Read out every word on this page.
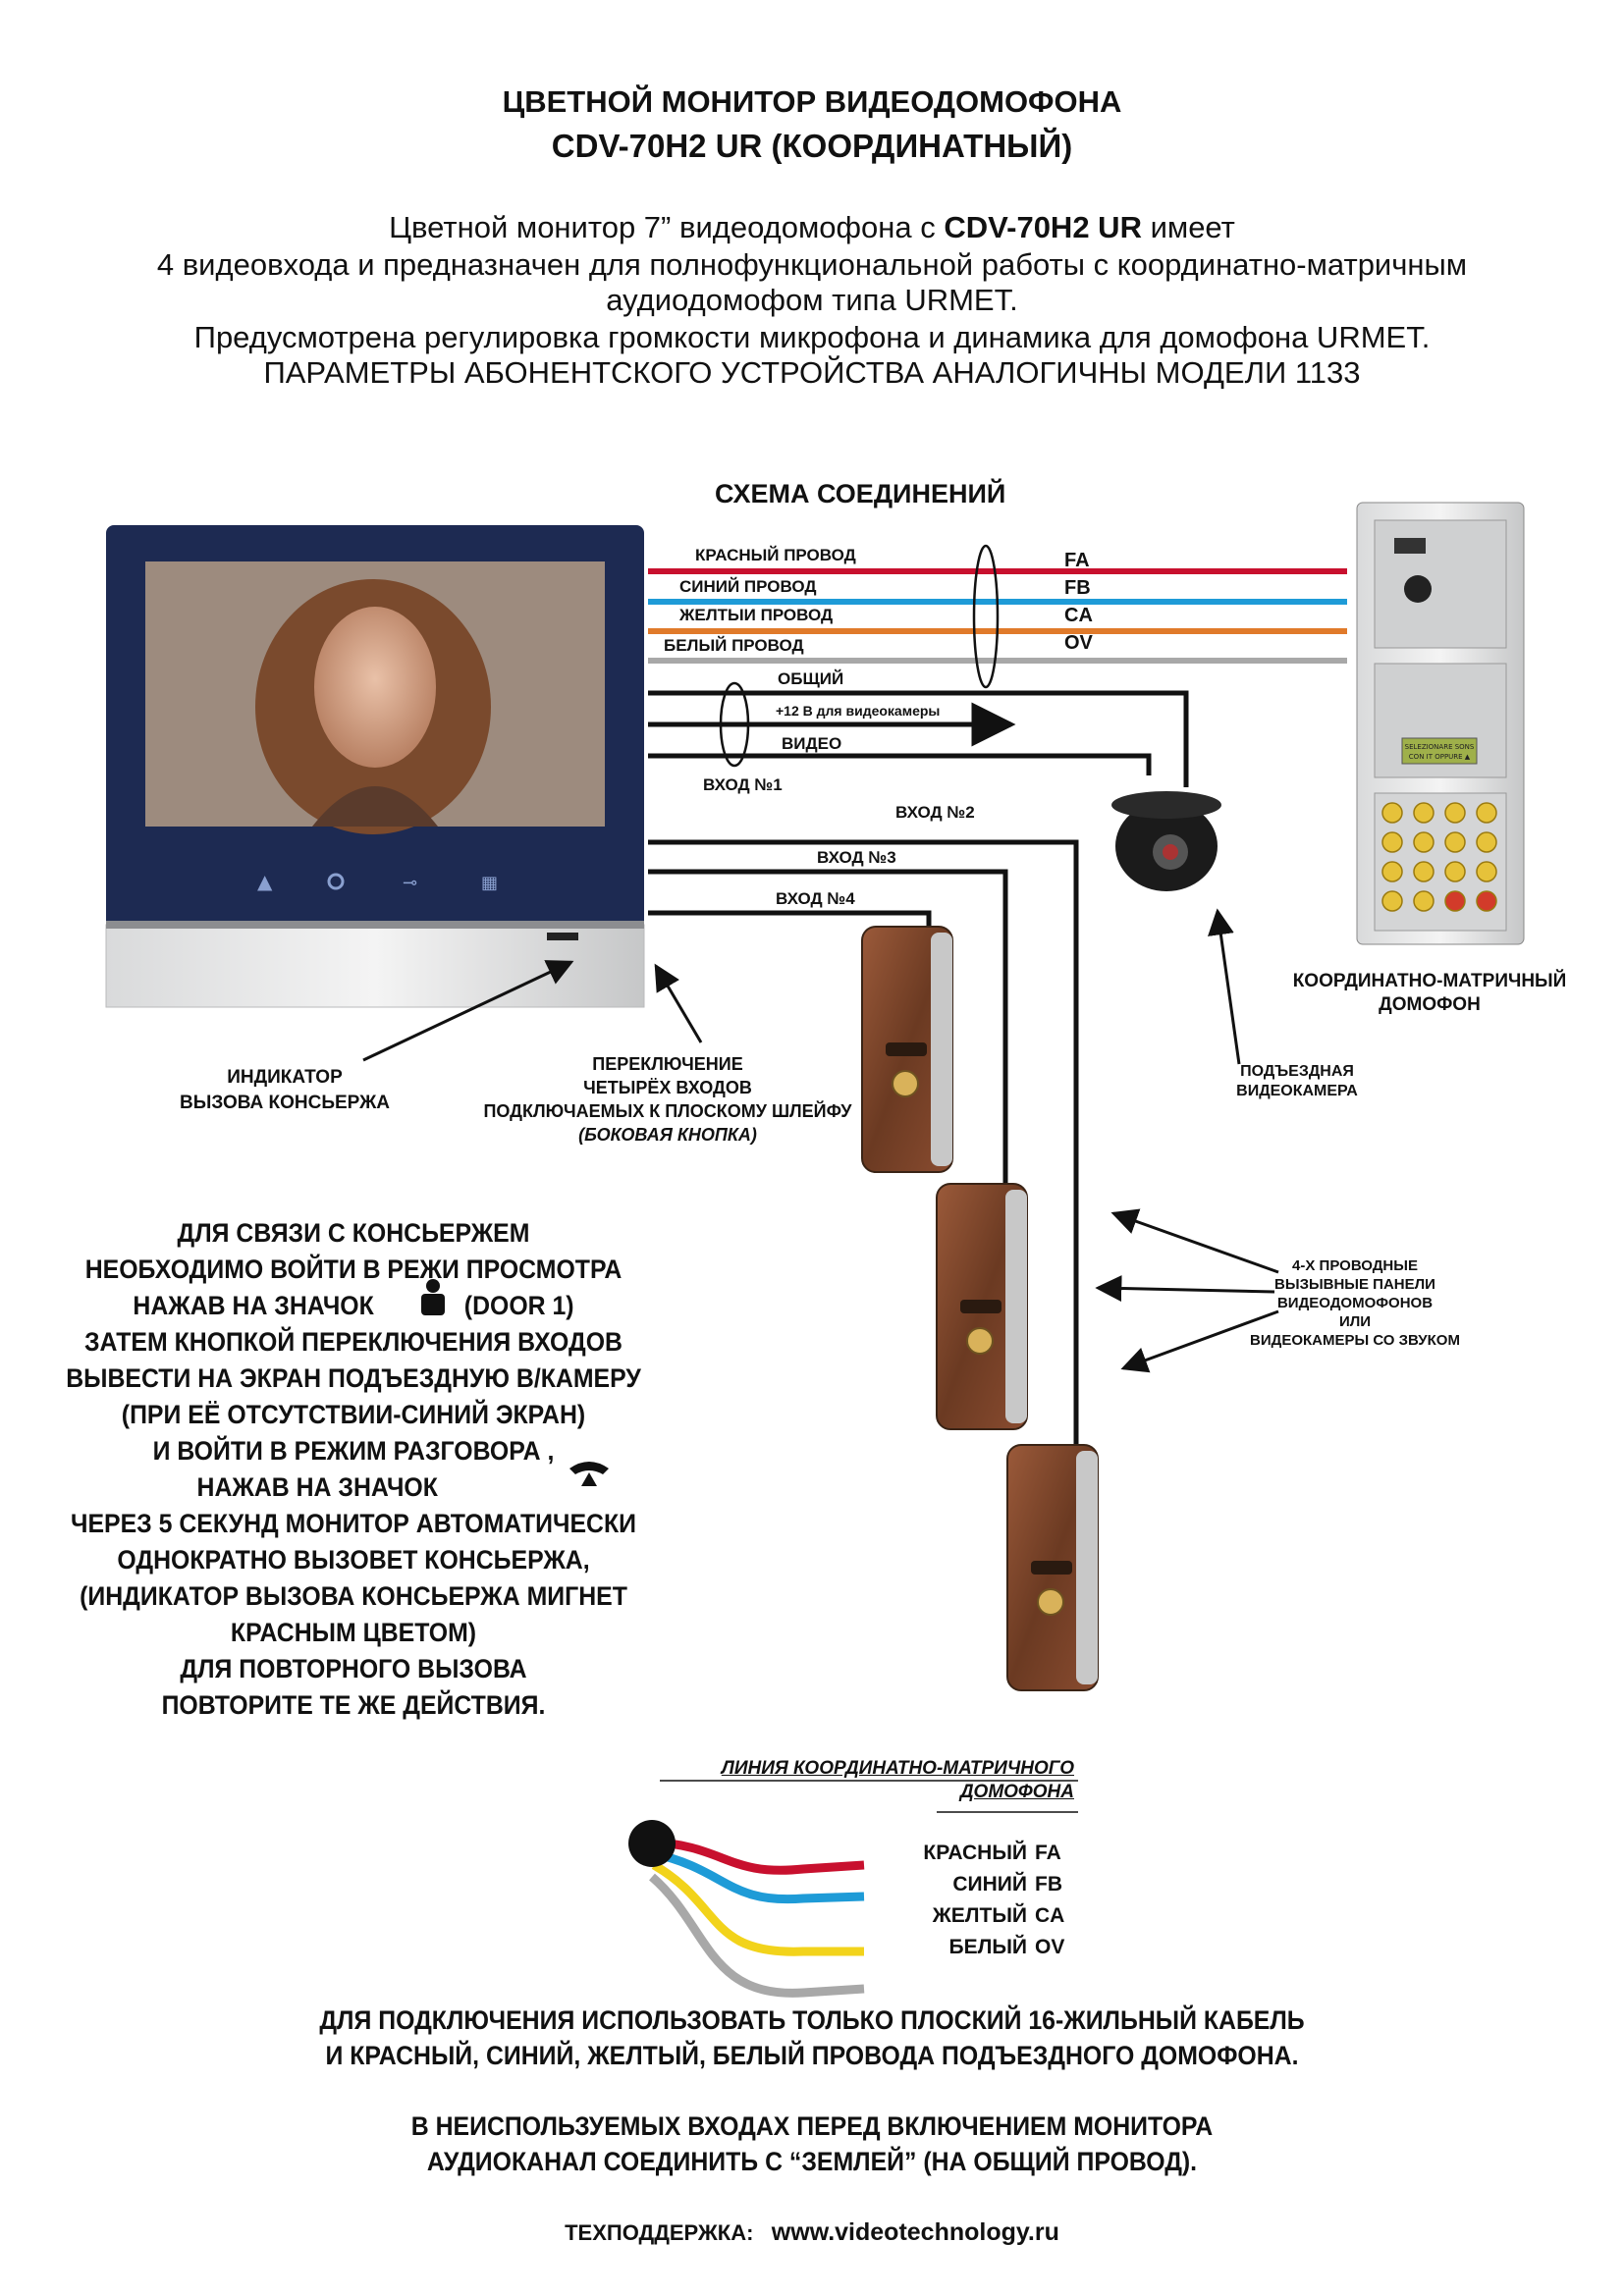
ЦВЕТНОЙ МОНИТОР ВИДЕОДОМОФОНА
CDV-70H2 UR (КООРДИНАТНЫЙ)
Цветной монитор 7” видеодомофона с CDV-70H2 UR имеет
4 видеовхода и предназначен для полнофункциональной работы с координатно-матричным
аудиодомофом типа URMET.
Предусмотрена регулировка громкости микрофона и динамика для домофона URMET.
ПАРАМЕТРЫ АБОНЕНТСКОГО УСТРОЙСТВА АНАЛОГИЧНЫ МОДЕЛИ 1133
СХЕМА СОЕДИНЕНИЙ
▲	⊸	▦
SELEZIONARE SONS
CON IT OPPURE ▲
КРАСНЫЙ ПРОВОД
СИНИЙ ПРОВОД
ЖЕЛТЫИ ПРОВОД
БЕЛЫЙ ПРОВОД
FA
FB
CA
OV
ОБЩИЙ
+12 В для видеокамеры
ВИДЕО
ВХОД №1
ВХОД №2
ВХОД №3
ВХОД №4
ИНДИКАТОР
ВЫЗОВА КОНСЬЕРЖА
ПЕРЕКЛЮЧЕНИЕ
ЧЕТЫРЁХ ВХОДОВ
ПОДКЛЮЧАЕМЫХ К ПЛОСКОМУ ШЛЕЙФУ
(БОКОВАЯ КНОПКА)
ПОДЪЕЗДНАЯ
ВИДЕОКАМЕРА
КООРДИНАТНО-МАТРИЧНЫЙ
ДОМОФОН
4-Х ПРОВОДНЫЕ
ВЫЗЫВНЫЕ ПАНЕЛИ
ВИДЕОДОМОФОНОВ
ИЛИ
ВИДЕОКАМЕРЫ СО ЗВУКОМ
ДЛЯ СВЯЗИ С КОНСЬЕРЖЕМ
НЕОБХОДИМО ВОЙТИ В РЕЖИ ПРОСМОТРА
НАЖАВ НА ЗНАЧОК	(DOOR 1)
ЗАТЕМ КНОПКОЙ ПЕРЕКЛЮЧЕНИЯ ВХОДОВ
ВЫВЕСТИ НА ЭКРАН ПОДЪЕЗДНУЮ В/КАМЕРУ
(ПРИ ЕЁ ОТСУТСТВИИ-СИНИЙ ЭКРАН)
И ВОЙТИ В РЕЖИМ РАЗГОВОРА ,
НАЖАВ НА ЗНАЧОК
ЧЕРЕЗ 5 СЕКУНД МОНИТОР АВТОМАТИЧЕСКИ
ОДНОКРАТНО ВЫЗОВЕТ КОНСЬЕРЖА,
(ИНДИКАТОР ВЫЗОВА КОНСЬЕРЖА МИГНЕТ
КРАСНЫМ ЦВЕТОМ)
ДЛЯ ПОВТОРНОГО ВЫЗОВА
ПОВТОРИТЕ ТЕ ЖЕ ДЕЙСТВИЯ.
ЛИНИЯ КООРДИНАТНО-МАТРИЧНОГО
ДОМОФОНА
КРАСНЫЙ FA
СИНИЙ FB
ЖЕЛТЫЙ CA
БЕЛЫЙ OV
ДЛЯ ПОДКЛЮЧЕНИЯ ИСПОЛЬЗОВАТЬ ТОЛЬКО ПЛОСКИЙ 16-ЖИЛЬНЫЙ КАБЕЛЬ
И КРАСНЫЙ, СИНИЙ, ЖЕЛТЫЙ, БЕЛЫЙ ПРОВОДА ПОДЪЕЗДНОГО ДОМОФОНА.
В НЕИСПОЛЬЗУЕМЫХ ВХОДАХ ПЕРЕД ВКЛЮЧЕНИЕМ МОНИТОРА
АУДИОКАНАЛ СОЕДИНИТЬ С “ЗЕМЛЕЙ” (НА ОБЩИЙ ПРОВОД).
ТЕХПОДДЕРЖКА: www.videotechnology.ru
